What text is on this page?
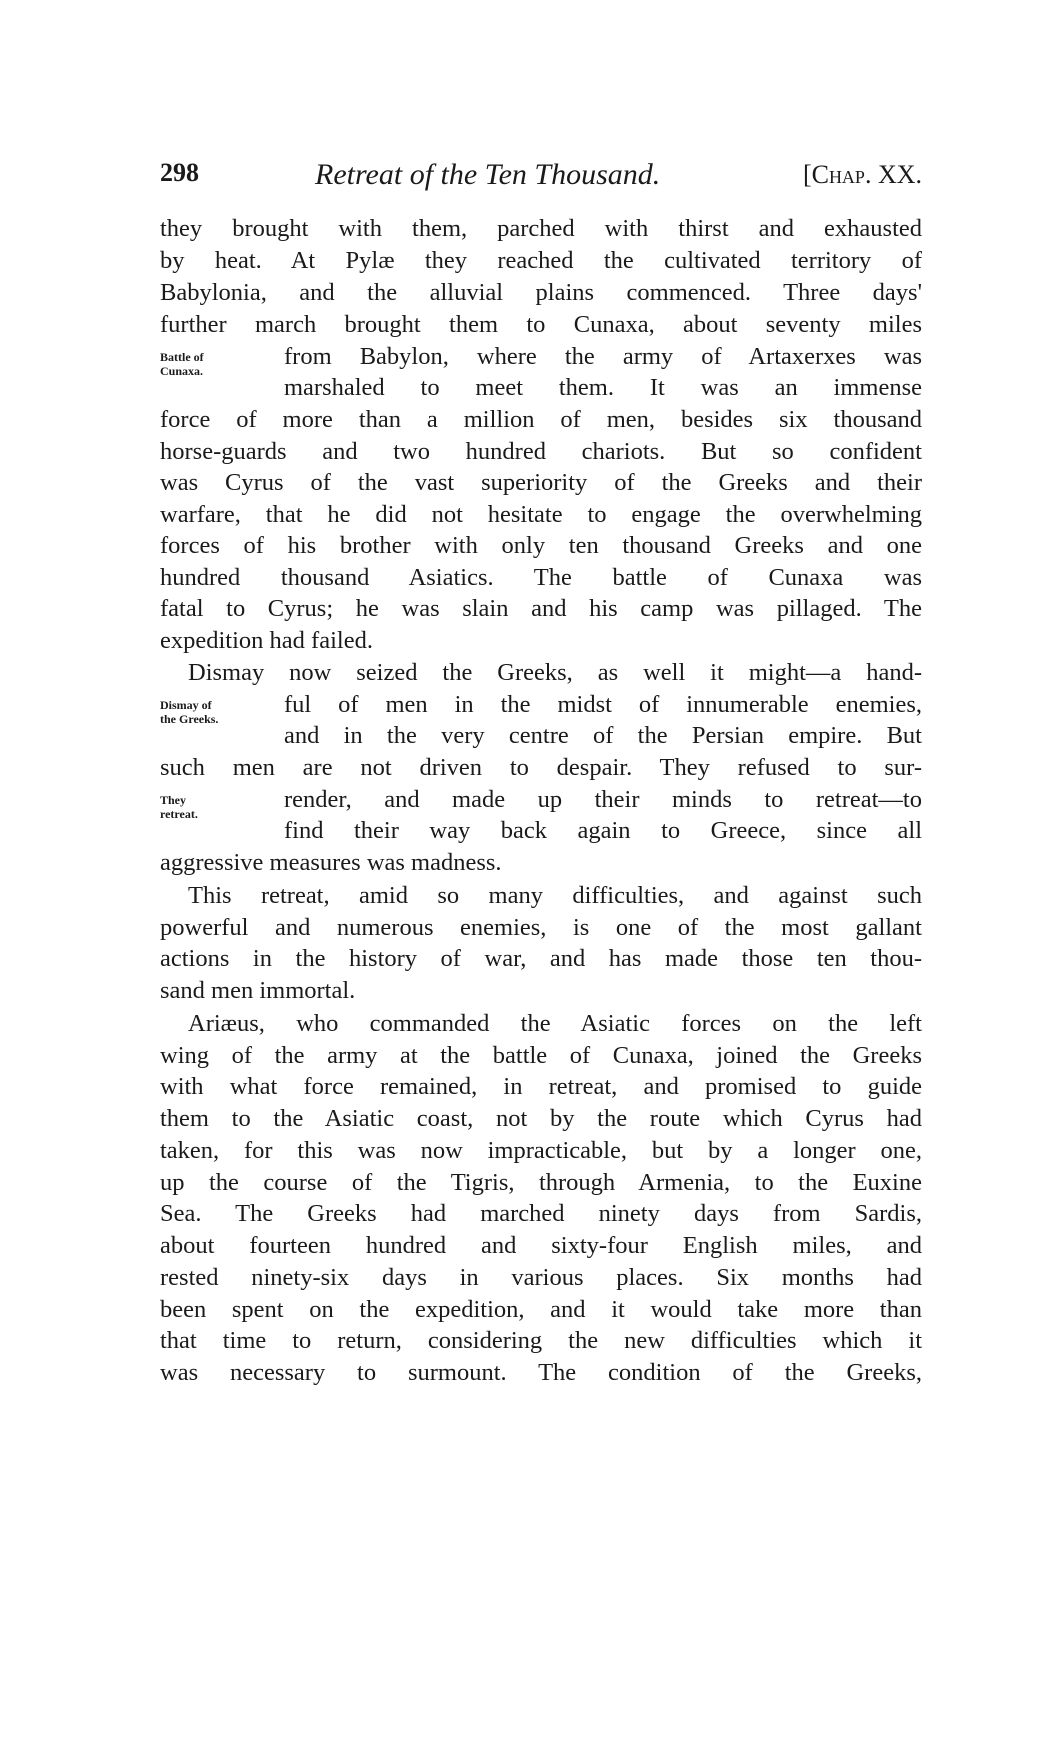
298	Retreat of the Ten Thousand.	[Chap. XX.
Battle of
Cunaxa.
Dismay of
the Greeks.
They
retreat.
they brought with them, parched with thirst and exhausted
by heat. At Pylæ they reached the cultivated territory of
Babylonia, and the alluvial plains commenced. Three days'
further march brought them to Cunaxa, about seventy miles
from Babylon, where the army of Artaxerxes was
marshaled to meet them. It was an immense
force of more than a million of men, besides six thousand
horse-guards and two hundred chariots. But so confident
was Cyrus of the vast superiority of the Greeks and their
warfare, that he did not hesitate to engage the overwhelming
forces of his brother with only ten thousand Greeks and one
hundred thousand Asiatics. The battle of Cunaxa was
fatal to Cyrus; he was slain and his camp was pillaged. The
expedition had failed.
Dismay now seized the Greeks, as well it might—a hand-
ful of men in the midst of innumerable enemies,
and in the very centre of the Persian empire. But
such men are not driven to despair. They refused to sur-
render, and made up their minds to retreat—to
find their way back again to Greece, since all
aggressive measures was madness.
This retreat, amid so many difficulties, and against such
powerful and numerous enemies, is one of the most gallant
actions in the history of war, and has made those ten thou-
sand men immortal.
Ariæus, who commanded the Asiatic forces on the left
wing of the army at the battle of Cunaxa, joined the Greeks
with what force remained, in retreat, and promised to guide
them to the Asiatic coast, not by the route which Cyrus had
taken, for this was now impracticable, but by a longer one,
up the course of the Tigris, through Armenia, to the Euxine
Sea. The Greeks had marched ninety days from Sardis,
about fourteen hundred and sixty-four English miles, and
rested ninety-six days in various places. Six months had
been spent on the expedition, and it would take more than
that time to return, considering the new difficulties which it
was necessary to surmount. The condition of the Greeks,
